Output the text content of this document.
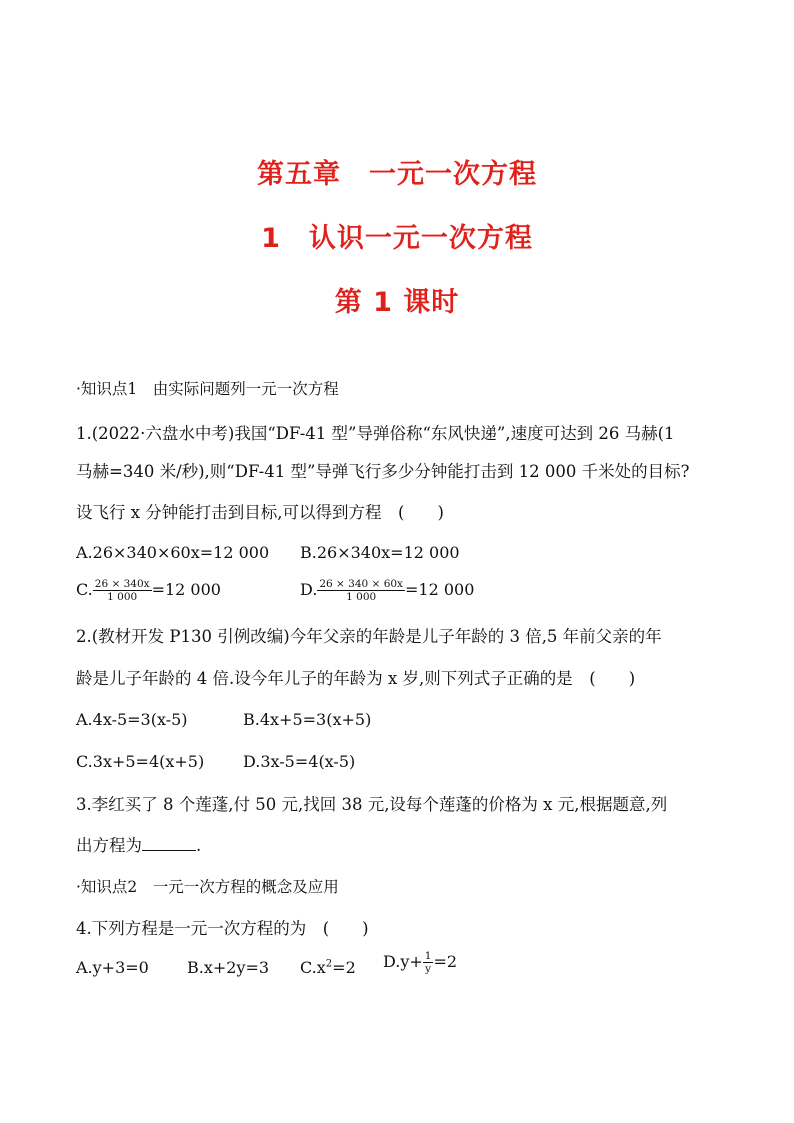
第五章　一元一次方程
1　认识一元一次方程
第 1 课时
·知识点1　由实际问题列一元一次方程
1.(2022·六盘水中考)我国“DF-41 型”导弹俗称“东风快递”,速度可达到 26 马赫(1
马赫=340 米/秒),则“DF-41 型”导弹飞行多少分钟能打击到 12 000 千米处的目标?
设飞行 x 分钟能打击到目标,可以得到方程　(　　)
A.26×340×60x=12 000 B.26×340x=12 000
C. $\frac{26 \times 340x}{1 000} =12$ 000	D. $\frac{26 \times 340 \times 60x}{1 000} =12$ 000
2.(教材开发 P130 引例改编)今年父亲的年龄是儿子年龄的 3 倍,5 年前父亲的年
龄是儿子年龄的 4 倍.设今年儿子的年龄为 x 岁,则下列式子正确的是　(　　)
A.4x-5=3(x-5)	B.4x+5=3(x+5)
C.3x+5=4(x+5) D.3x-5=4(x-5)
3.李红买了 8 个莲蓬,付 50 元,找回 38 元,设每个莲蓬的价格为 x 元,根据题意,列
出方程为	.
·知识点2　一元一次方程的概念及应用
4.下列方程是一元一次方程的为　(　　)
A.y+3=0 B.x+2y=3 $C.x^2=2$ $D.y+ \frac{1}{y} =2$
